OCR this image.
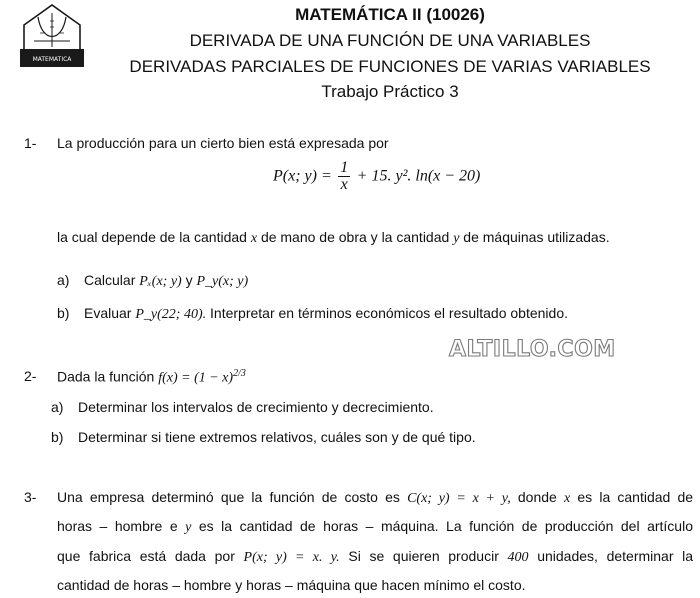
MATEMATICA
MATEMÁTICA II (10026)
DERIVADA DE UNA FUNCIÓN DE UNA VARIABLES
DERIVADAS PARCIALES DE FUNCIONES DE VARIAS VARIABLES
Trabajo Práctico 3
1- La producción para un cierto bien está expresada por
P(x; $y) = \frac{1}{x} + 15$. y². ln(x − 20)
la cual depende de la cantidad x de mano de obra y la cantidad y de máquinas utilizadas.
a) Calcular Pₓ(x; y) y P_y(x; y)
b) Evaluar P_y(22; 40). Interpretar en términos económicos el resultado obtenido.
ALTILLO.COM
2- Dada la función $f(x) = (1 - x)^{2/3}$
a) Determinar los intervalos de crecimiento y decrecimiento.
b) Determinar si tiene extremos relativos, cuáles son y de qué tipo.
3- Una empresa determinó que la función de costo es C(x; y) = x + y, donde x es la cantidad de
horas – hombre e y es la cantidad de horas – máquina. La función de producción del artículo
que fabrica está dada por P(x; y) = x. y. Si se quieren producir 400 unidades, determinar la
cantidad de horas – hombre y horas – máquina que hacen mínimo el costo.
